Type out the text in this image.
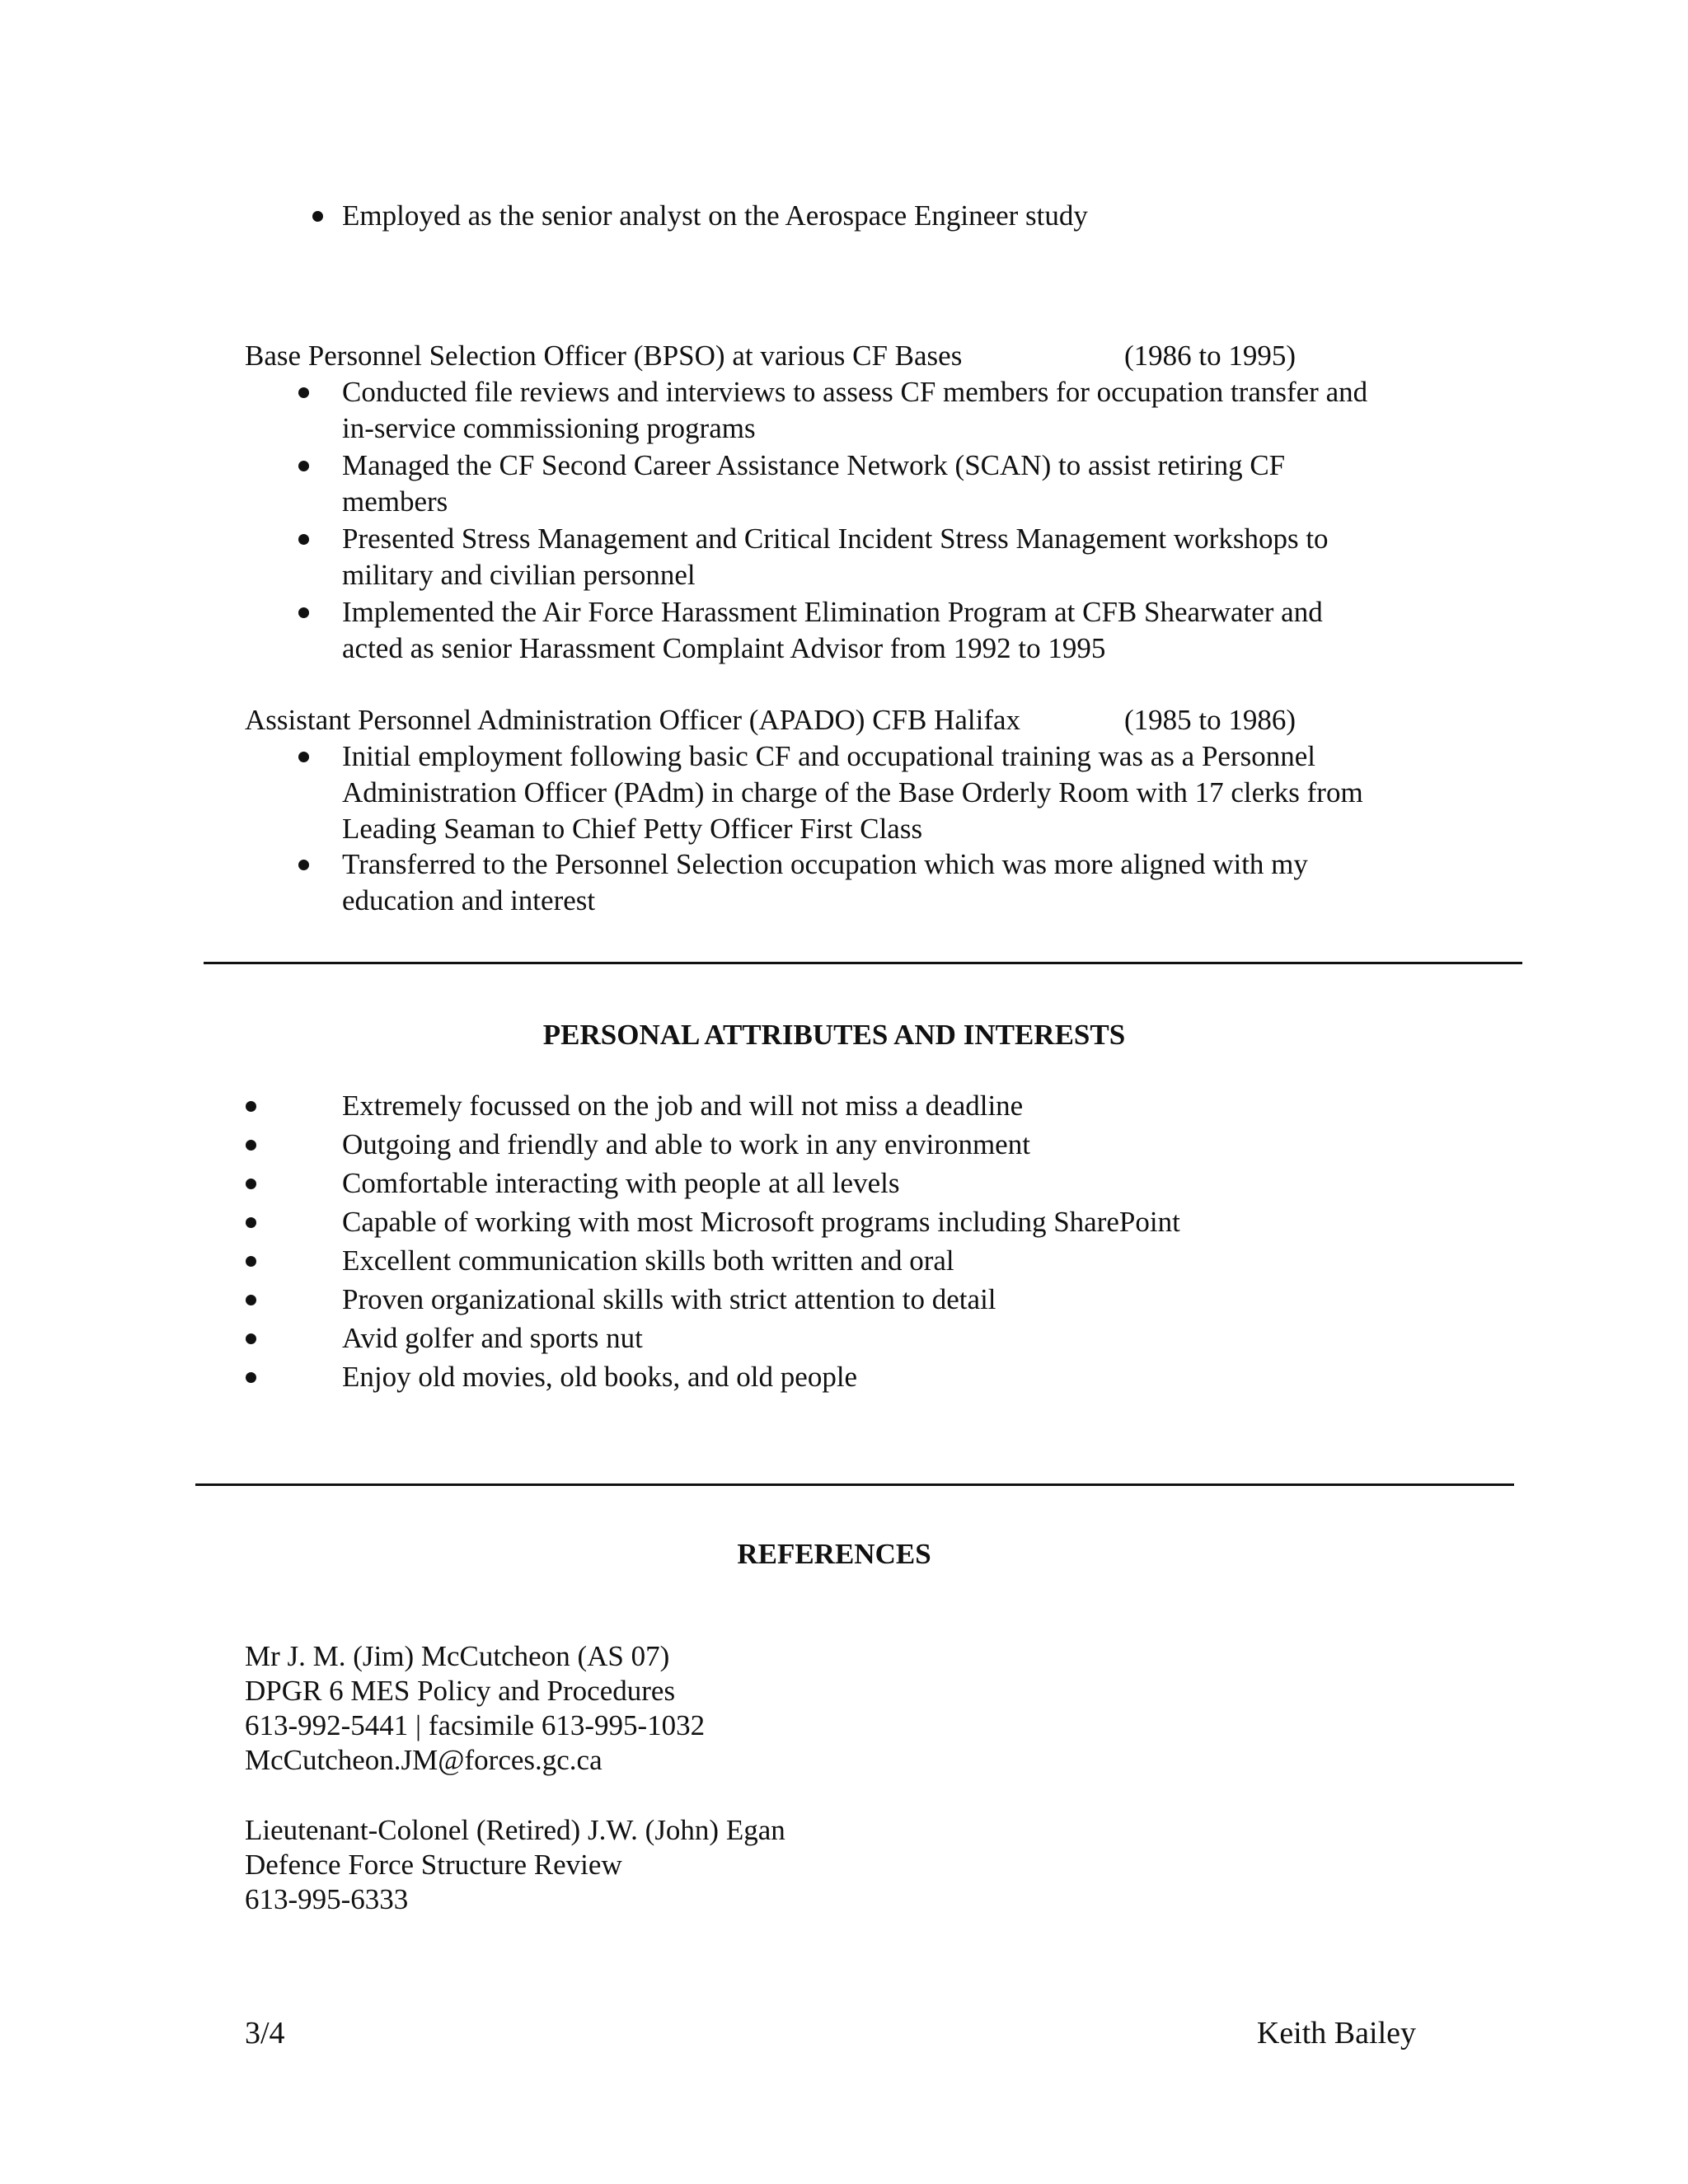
Employed as the senior analyst on the Aerospace Engineer study
Base Personnel Selection Officer (BPSO) at various CF Bases	(1986 to 1995)
Conducted file reviews and interviews to assess CF members for occupation transfer and
in-service commissioning programs
Managed the CF Second Career Assistance Network (SCAN) to assist retiring CF
members
Presented Stress Management and Critical Incident Stress Management workshops to
military and civilian personnel
Implemented the Air Force Harassment Elimination Program at CFB Shearwater and
acted as senior Harassment Complaint Advisor from 1992 to 1995
Assistant Personnel Administration Officer (APADO) CFB Halifax	(1985 to 1986)
Initial employment following basic CF and occupational training was as a Personnel
Administration Officer (PAdm) in charge of the Base Orderly Room with 17 clerks from
Leading Seaman to Chief Petty Officer First Class
Transferred to the Personnel Selection occupation which was more aligned with my
education and interest
PERSONAL ATTRIBUTES AND INTERESTS
Extremely focussed on the job and will not miss a deadline
Outgoing and friendly and able to work in any environment
Comfortable interacting with people at all levels
Capable of working with most Microsoft programs including SharePoint
Excellent communication skills both written and oral
Proven organizational skills with strict attention to detail
Avid golfer and sports nut
Enjoy old movies, old books, and old people
REFERENCES
Mr J. M. (Jim) McCutcheon (AS 07)
DPGR 6 MES Policy and Procedures
613-992-5441 | facsimile 613-995-1032
McCutcheon.JM@forces.gc.ca
Lieutenant-Colonel (Retired) J.W. (John) Egan
Defence Force Structure Review
613-995-6333
3/4	Keith Bailey
